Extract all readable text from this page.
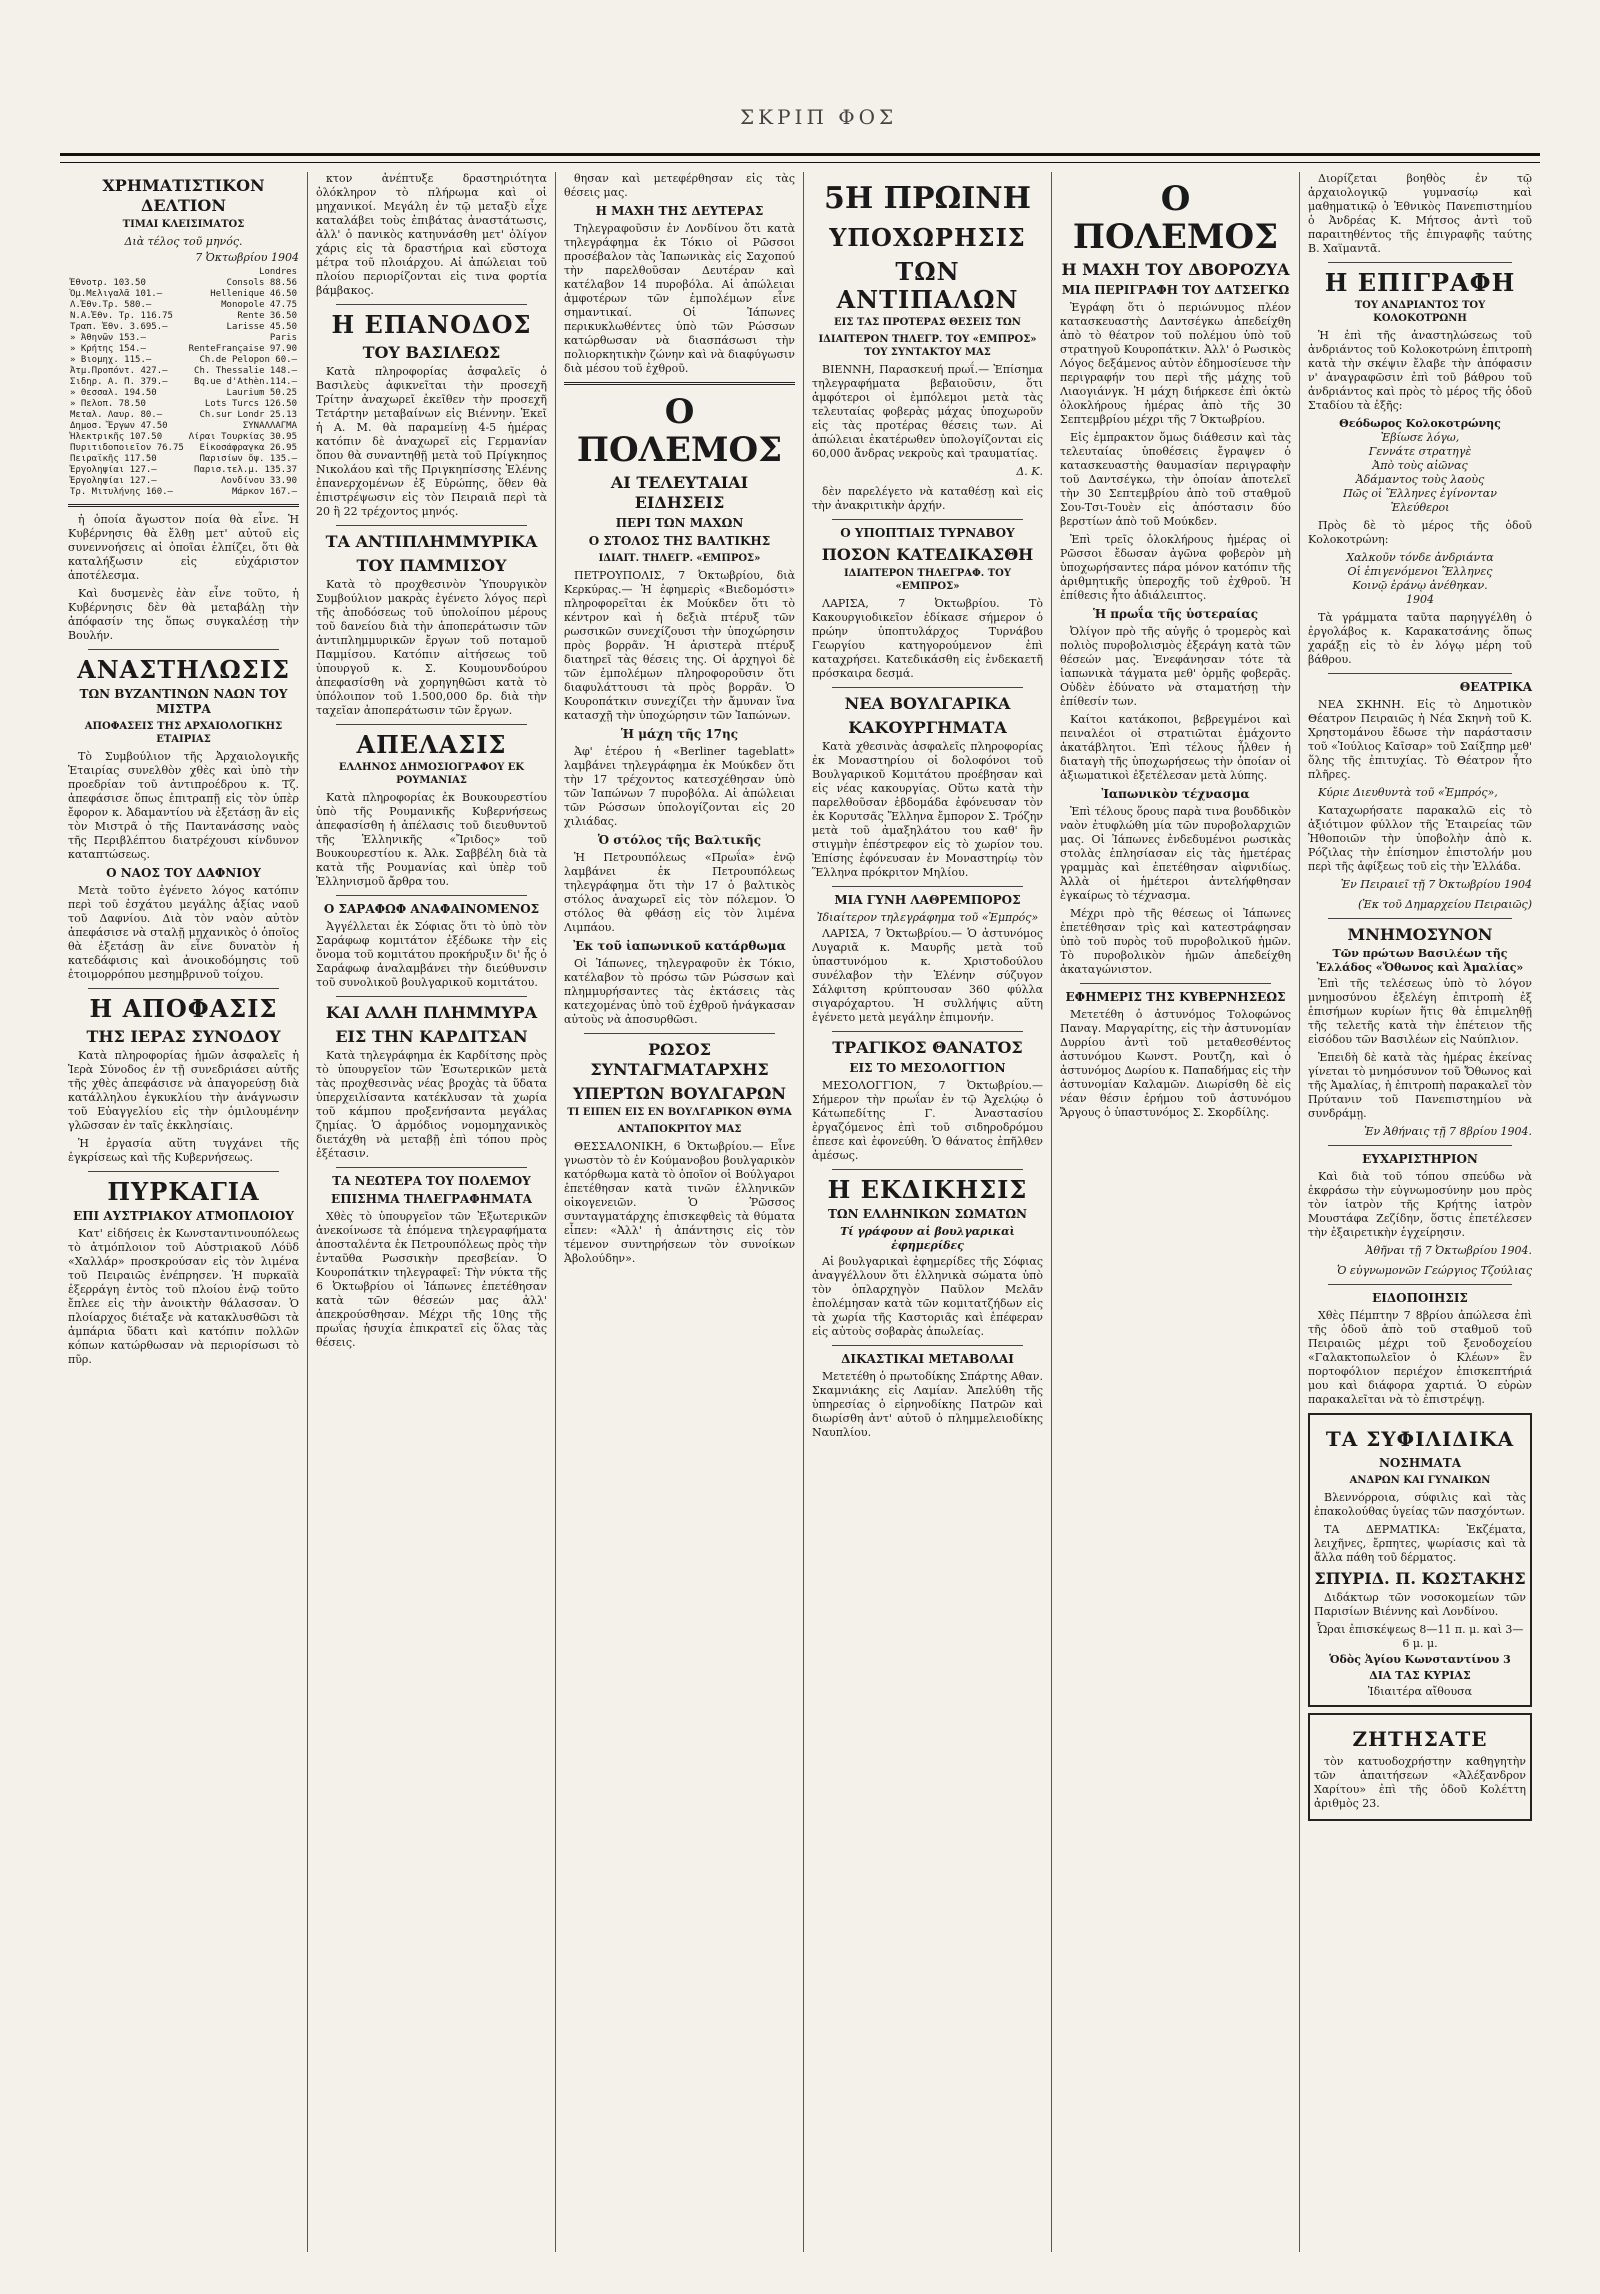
ΣΚΡΙΠ ΦΟΣ
ΧΡΗΜΑΤΙΣΤΙΚΟΝ ΔΕΛΤΙΟΝ
ΤΙΜΑΙ ΚΛΕΙΣΙΜΑΤΟΣ
Διὰ τέλος τοῦ μηνός.
7 Ὀκτωβρίου 1904
	Londres
Ἐθνοτρ. 103.50	Consols 88.56
Ὁμ.Μελιγαλᾶ 101.—	Hellenique 46.50
Λ.Ἐθν.Τρ. 580.—	Monopole 47.75
Ν.Α.Ἐθν. Τρ. 116.75	Rente 36.50
Τραπ. Ἐθν. 3.695.—	Larisse 45.50
» Ἀθηνῶν 153.—	Paris
» Κρήτης 154.—	RenteFrançaise 97.90
» Βιομηχ. 115.—	Ch.de Pelopon 60.—
Ἀτμ.Προπόντ. 427.—	Ch. Thessalie 148.—
Σιδηρ. Α. Π. 379.—	Bq.ue d'Athèn.114.—
» Θεσσαλ. 194.50	Laurium 50.25
» Πελοπ. 78.50	Lots Turcs 126.50
Μεταλ. Λαυρ. 80.—	Ch.sur Londr 25.13
Δημοσ. Ἔργων 47.50	ΣΥΝΑΛΛΑΓΜΑ
Ἠλεκτρικῆς 107.50	Λίραι Τουρκίας 30.95
Πυριτιδοποιεῖον 76.75	Εἰκοσάφραγκα 26.95
Πειραϊκῆς 117.50	Παρισίων ὄψ. 135.—
Ἐργοληψίαι 127.—	Παρισ.τελ.μ. 135.37
Ἐργοληψίαι 127.—	Λονδίνου 33.90
Τρ. Μιτυλήνης 160.—	Μάρκον 167.—

ἡ ὁποία ἄγωστον ποία θὰ εἶνε. Ἡ Κυβέρνησις θὰ ἔλθῃ μετ' αὐτοῦ εἰς συνεννοήσεις αἱ ὁποῖαι ἐλπίζει, ὅτι θὰ καταλήξωσιν εἰς εὐχάριστον ἀποτέλεσμα.

Καὶ δυσμενὲς ἐὰν εἶνε τοῦτο, ἡ Κυβέρνησις δὲν θὰ μεταβάλῃ τὴν ἀπόφασίν της ὅπως συγκαλέσῃ τὴν Βουλήν.

ΑΝΑΣΤΗΛΩΣΙΣ
ΤΩΝ ΒΥΖΑΝΤΙΝΩΝ ΝΑΩΝ ΤΟΥ ΜΙΣΤΡΑ
ΑΠΟΦΑΣΕΙΣ ΤΗΣ ΑΡΧΑΙΟΛΟΓΙΚΗΣ ΕΤΑΙΡΙΑΣ

Τὸ Συμβούλιον τῆς Ἀρχαιολογικῆς Ἑταιρίας συνελθὸν χθὲς καὶ ὑπὸ τὴν προεδρίαν τοῦ ἀντιπροέδρου κ. Τζ. ἀπεφάσισε ὅπως ἐπιτραπῇ εἰς τὸν ὑπὲρ ἔφορον κ. Ἀδαμαντίου νὰ ἐξετάσῃ ἂν εἰς τὸν Μιστρᾶ ὁ τῆς Παντανάσσης ναὸς τῆς Περιβλέπτου διατρέχουσι κίνδυνον καταπτώσεως.

Ο ΝΑΟΣ ΤΟΥ ΔΑΦΝΙΟΥ

Μετὰ τοῦτο ἐγένετο λόγος κατόπιν περὶ τοῦ ἐσχάτου μεγάλης ἀξίας ναοῦ τοῦ Δαφνίου. Διὰ τὸν ναὸν αὐτὸν ἀπεφάσισε νὰ σταλῇ μηχανικὸς ὁ ὁποῖος θὰ ἐξετάσῃ ἂν εἶνε δυνατὸν ἡ κατεδάφισις καὶ ἀνοικοδόμησις τοῦ ἐτοιμορρόπου μεσημβρινοῦ τοίχου.

Η ΑΠΟΦΑΣΙΣ
ΤΗΣ ΙΕΡΑΣ ΣΥΝΟΔΟΥ

Κατὰ πληροφορίας ἡμῶν ἀσφαλεῖς ἡ Ἱερὰ Σύνοδος ἐν τῇ συνεδριάσει αὐτῆς τῆς χθὲς ἀπεφάσισε νὰ ἀπαγορεύσῃ διὰ κατάλληλου ἐγκυκλίου τὴν ἀνάγνωσιν τοῦ Εὐαγγελίου εἰς τὴν ὁμιλουμένην γλῶσσαν ἐν ταῖς ἐκκλησίαις.

Ἡ ἐργασία αὕτη τυγχάνει τῆς ἐγκρίσεως καὶ τῆς Κυβερνήσεως.

ΠΥΡΚΑΓΙΑ
ΕΠΙ ΑΥΣΤΡΙΑΚΟΥ ΑΤΜΟΠΛΟΙΟΥ

Κατ' εἰδήσεις ἐκ Κωνσταντινουπόλεως τὸ ἀτμόπλοιον τοῦ Αὐστριακοῦ Λόϋδ «Χαλλάρ» προσκρούσαν εἰς τὸν λιμένα τοῦ Πειραιῶς ἐνέπρησεν. Ἡ πυρκαϊὰ ἐξερράγη ἐντὸς τοῦ πλοίου ἐνῷ τοῦτο ἔπλεε εἰς τὴν ἀνοικτὴν θάλασσαν. Ὁ πλοίαρχος διέταξε νὰ κατακλυσθῶσι τὰ ἀμπάρια ὕδατι καὶ κατόπιν πολλῶν κόπων κατώρθωσαν νὰ περιορίσωσι τὸ πῦρ.

κτον ἀνέπτυξε δραστηριότητα ὁλόκληρον τὸ πλήρωμα καὶ οἱ μηχανικοί. Μεγάλη ἐν τῷ μεταξὺ εἶχε καταλάβει τοὺς ἐπιβάτας ἀναστάτωσις, ἀλλ' ὁ πανικὸς κατηυνάσθη μετ' ὀλίγον χάρις εἰς τὰ δραστήρια καὶ εὔστοχα μέτρα τοῦ πλοιάρχου. Αἱ ἀπώλειαι τοῦ πλοίου περιορίζονται εἰς τινα φορτία βάμβακος.

Η ΕΠΑΝΟΔΟΣ
ΤΟΥ ΒΑΣΙΛΕΩΣ

Κατὰ πληροφορίας ἀσφαλεῖς ὁ Βασιλεὺς ἀφικνεῖται τὴν προσεχῆ Τρίτην ἀναχωρεῖ ἐκεῖθεν τὴν προσεχῆ Τετάρτην μεταβαίνων εἰς Βιέννην. Ἐκεῖ ἡ Α. Μ. θὰ παραμείνῃ 4-5 ἡμέρας κατόπιν δὲ ἀναχωρεῖ εἰς Γερμανίαν ὅπου θὰ συναντηθῇ μετὰ τοῦ Πρίγκηπος Νικολάου καὶ τῆς Πριγκηπίσσης Ἑλένης ἐπανερχομένων ἐξ Εὐρώπης, ὅθεν θὰ ἐπιστρέψωσιν εἰς τὸν Πειραιᾶ περὶ τὰ 20 ἢ 22 τρέχοντος μηνός.

ΤΑ ΑΝΤΙΠΛΗΜΜΥΡΙΚΑ
ΤΟΥ ΠΑΜΜΙΣΟΥ

Κατὰ τὸ προχθεσινὸν Ὑπουργικὸν Συμβούλιον μακρὰς ἐγένετο λόγος περὶ τῆς ἀποδόσεως τοῦ ὑπολοίπου μέρους τοῦ δανείου διὰ τὴν ἀποπεράτωσιν τῶν ἀντιπλημμυρικῶν ἔργων τοῦ ποταμοῦ Παμμίσου. Κατόπιν αἰτήσεως τοῦ ὑπουργοῦ κ. Σ. Κουμουνδούρου ἀπεφασίσθη νὰ χορηγηθῶσι κατὰ τὸ ὑπόλοιπον τοῦ 1.500,000 δρ. διὰ τὴν ταχεῖαν ἀποπεράτωσιν τῶν ἔργων.

ΑΠΕΛΑΣΙΣ
ΕΛΛΗΝΟΣ ΔΗΜΟΣΙΟΓΡΑΦΟΥ ΕΚ ΡΟΥΜΑΝΙΑΣ

Κατὰ πληροφορίας ἐκ Βουκουρεστίου ὑπὸ τῆς Ρουμανικῆς Κυβερνήσεως ἀπεφασίσθη ἡ ἀπέλασις τοῦ διευθυντοῦ τῆς Ἑλληνικῆς «Ἴριδος» τοῦ Βουκουρεστίου κ. Ἀλκ. Σαββέλη διὰ τὰ κατὰ τῆς Ρουμανίας καὶ ὑπὲρ τοῦ Ἑλληνισμοῦ ἄρθρα του.

Ο ΣΑΡΑΦΩΦ ΑΝΑΦΑΙΝΟΜΕΝΟΣ

Ἀγγέλλεται ἐκ Σόφιας ὅτι τὸ ὑπὸ τὸν Σαράφωφ κομιτάτον ἐξέδωκε τὴν εἰς ὄνομα τοῦ κομιτάτου προκήρυξιν δι' ἧς ὁ Σαράφωφ ἀναλαμβάνει τὴν διεύθυνσιν τοῦ συνολικοῦ βουλγαρικοῦ κομιτάτου.

ΚΑΙ ΑΛΛΗ ΠΛΗΜΜΥΡΑ
ΕΙΣ ΤΗΝ ΚΑΡΔΙΤΣΑΝ

Κατὰ τηλεγράφημα ἐκ Καρδίτσης πρὸς τὸ ὑπουργεῖον τῶν Ἐσωτερικῶν μετὰ τὰς προχθεσινὰς νέας βροχὰς τὰ ὕδατα ὑπερχειλίσαντα κατέκλυσαν τὰ χωρία τοῦ κάμπου προξενήσαντα μεγάλας ζημίας. Ὁ ἁρμόδιος νομομηχανικὸς διετάχθη νὰ μεταβῇ ἐπὶ τόπου πρὸς ἐξέτασιν.

ΤΑ ΝΕΩΤΕΡΑ ΤΟΥ ΠΟΛΕΜΟΥ
ΕΠΙΣΗΜΑ ΤΗΛΕΓΡΑΦΗΜΑΤΑ

Χθὲς τὸ ὑπουργεῖον τῶν Ἐξωτερικῶν ἀνεκοίνωσε τὰ ἑπόμενα τηλεγραφήματα ἀποσταλέντα ἐκ Πετρουπόλεως πρὸς τὴν ἐνταῦθα Ρωσσικὴν πρεσβείαν. Ὁ Κουροπάτκιν τηλεγραφεῖ: Τὴν νύκτα τῆς 6 Ὀκτωβρίου οἱ Ἰάπωνες ἐπετέθησαν κατὰ τῶν θέσεών μας ἀλλ' ἀπεκρούσθησαν. Μέχρι τῆς 10ης τῆς πρωΐας ἡσυχία ἐπικρατεῖ εἰς ὅλας τὰς θέσεις.

θησαν καὶ μετεφέρθησαν εἰς τὰς θέσεις μας.

Η ΜΑΧΗ ΤΗΣ ΔΕΥΤΕΡΑΣ

Τηλεγραφοῦσιν ἐν Λονδίνου ὅτι κατὰ τηλεγράφημα ἐκ Τόκιο οἱ Ρῶσσοι προσέβαλον τὰς Ἰαπωνικὰς εἰς Σαχοπού τὴν παρελθοῦσαν Δευτέραν καὶ κατέλαβον 14 πυροβόλα. Αἱ ἀπώλειαι ἀμφοτέρων τῶν ἐμπολέμων εἶνε σημαντικαί. Οἱ Ἰάπωνες περικυκλωθέντες ὑπὸ τῶν Ρώσσων κατώρθωσαν νὰ διασπάσωσι τὴν πολιορκητικὴν ζώνην καὶ νὰ διαφύγωσιν διὰ μέσου τοῦ ἐχθροῦ.

Ο ΠΟΛΕΜΟΣ
ΑΙ ΤΕΛΕΥΤΑΙΑΙ ΕΙΔΗΣΕΙΣ
ΠΕΡΙ ΤΩΝ ΜΑΧΩΝ
Ο ΣΤΟΛΟΣ ΤΗΣ ΒΑΛΤΙΚΗΣ
ΙΔΙΑΙΤ. ΤΗΛΕΓΡ. «ΕΜΠΡΟΣ»

ΠΕΤΡΟΥΠΟΛΙΣ, 7 Ὀκτωβρίου, διὰ Κερκύρας.— Ἡ ἐφημερὶς «Βιεδομόστι» πληροφορεῖται ἐκ Μούκδεν ὅτι τὸ κέντρον καὶ ἡ δεξιὰ πτέρυξ τῶν ρωσσικῶν συνεχίζουσι τὴν ὑποχώρησιν πρὸς βορρᾶν. Ἡ ἀριστερὰ πτέρυξ διατηρεῖ τὰς θέσεις της. Οἱ ἀρχηγοὶ δὲ τῶν ἐμπολέμων πληροφοροῦσιν ὅτι διαφυλάττουσι τὰ πρὸς βορρᾶν. Ὁ Κουροπάτκιν συνεχίζει τὴν ἄμυναν ἵνα κατασχῇ τὴν ὑποχώρησιν τῶν Ἰαπώνων.

Ἡ μάχη τῆς 17ης

Ἀφ' ἑτέρου ἡ «Berliner tageblatt» λαμβάνει τηλεγράφημα ἐκ Μούκδεν ὅτι τὴν 17 τρέχοντος κατεσχέθησαν ὑπὸ τῶν Ἰαπώνων 7 πυροβόλα. Αἱ ἀπώλειαι τῶν Ρώσσων ὑπολογίζονται εἰς 20 χιλιάδας.

Ὁ στόλος τῆς Βαλτικῆς

Ἡ Πετρουπόλεως «Πρωΐα» ἐνῷ λαμβάνει ἐκ Πετρουπόλεως τηλεγράφημα ὅτι τὴν 17 ὁ βαλτικὸς στόλος ἀναχωρεῖ εἰς τὸν πόλεμον. Ὁ στόλος θὰ φθάσῃ εἰς τὸν λιμένα Λιμπάου.

Ἐκ τοῦ ἰαπωνικοῦ κατάρθωμα

Οἱ Ἰάπωνες, τηλεγραφοῦν ἐκ Τόκιο, κατέλαβον τὸ πρόσω τῶν Ρώσσων καὶ πλημμυρήσαντες τὰς ἐκτάσεις τὰς κατεχομένας ὑπὸ τοῦ ἐχθροῦ ἠνάγκασαν αὐτοὺς νὰ ἀποσυρθῶσι.

ΡΩΣΟΣ ΣΥΝΤΑΓΜΑΤΑΡΧΗΣ
ΥΠΕΡΤΩΝ ΒΟΥΛΓΑΡΩΝ
ΤΙ ΕΙΠΕΝ ΕΙΣ ΕΝ ΒΟΥΛΓΑΡΙΚΟΝ ΘΥΜΑ
ΑΝΤΑΠΟΚΡΙΤΟΥ ΜΑΣ

ΘΕΣΣΑΛΟΝΙΚΗ, 6 Ὀκτωβρίου.— Εἶνε γνωστὸν τὸ ἐν Κούμανοβου βουλγαρικὸν κατόρθωμα κατὰ τὸ ὁποῖον οἱ Βούλγαροι ἐπετέθησαν κατὰ τινῶν ἑλληνικῶν οἰκογενειῶν. Ὁ Ῥῶσσος συνταγματάρχης ἐπισκεφθεὶς τὰ θύματα εἶπεν: «Ἀλλ' ἡ ἀπάντησις εἰς τὸν τέμενον συντηρήσεων τὸν συνοίκων Ἀβολούδην».

5Η ΠΡΩΙΝΗ
ΥΠΟΧΩΡΗΣΙΣ
ΤΩΝ ΑΝΤΙΠΑΛΩΝ
ΕΙΣ ΤΑΣ ΠΡΟΤΕΡΑΣ ΘΕΣΕΙΣ ΤΩΝ
ΙΔΙΑΙΤΕΡΟΝ ΤΗΛΕΓΡ. ΤΟΥ «ΕΜΠΡΟΣ» ΤΟΥ ΣΥΝΤΑΚΤΟΥ ΜΑΣ

ΒΙΕΝΝΗ, Παρασκευή πρωΐ.— Ἐπίσημα τηλεγραφήματα βεβαιοῦσιν, ὅτι ἀμφότεροι οἱ ἐμπόλεμοι μετὰ τὰς τελευταίας φοβερὰς μάχας ὑποχωροῦν εἰς τὰς προτέρας θέσεις των. Αἱ ἀπώλειαι ἐκατέρωθεν ὑπολογίζονται εἰς 60,000 ἄνδρας νεκροὺς καὶ τραυματίας.

Δ. Κ.

δὲν παρελέγετο νὰ καταθέσῃ καὶ εἰς τὴν ἀνακριτικὴν ἀρχήν.

Ο ΥΠΟΠΤΙΑΙΣ ΤΥΡΝΑΒΟΥ
ΠΟΣΟΝ ΚΑΤΕΔΙΚΑΣΘΗ
ΙΔΙΑΙΤΕΡΟΝ ΤΗΛΕΓΡΑΦ. ΤΟΥ «ΕΜΠΡΟΣ»

ΛΑΡΙΣΑ, 7 Ὀκτωβρίου. Τὸ Κακουργιοδικεῖον ἐδίκασε σήμερον ὁ πρώην ὑποπτυλάρχος Τυρνάβου Γεωργίου κατηγορούμενον ἐπὶ καταχρήσει. Κατεδικάσθη εἰς ἐνδεκαετῆ πρόσκαιρα δεσμά.

ΝΕΑ ΒΟΥΛΓΑΡΙΚΑ
ΚΑΚΟΥΡΓΗΜΑΤΑ

Κατὰ χθεσινὰς ἀσφαλεῖς πληροφορίας ἐκ Μοναστηρίου οἱ δολοφόνοι τοῦ Βουλγαρικοῦ Κομιτάτου προέβησαν καὶ εἰς νέας κακουργίας. Οὕτω κατὰ τὴν παρελθοῦσαν ἑβδομάδα ἐφόνευσαν τὸν ἐκ Κορυτσᾶς Ἕλληνα ἔμπορον Σ. Τρόζην μετὰ τοῦ ἀμαξηλάτου του καθ' ἣν στιγμὴν ἐπέστρεφον εἰς τὸ χωρίον του. Ἐπίσης ἐφόνευσαν ἐν Μοναστηρίῳ τὸν Ἕλληνα πρόκριτον Μηλίου.

ΜΙΑ ΓΥΝΗ ΛΑΘΡΕΜΠΟΡΟΣ
Ἰδιαίτερον τηλεγράφημα τοῦ «Ἐμπρός»

ΛΑΡΙΣΑ, 7 Ὀκτωβρίου.— Ὁ ἀστυνόμος Λυγαριᾶ κ. Μαυρῆς μετὰ τοῦ ὑπαστυνόμου κ. Χριστοδούλου συνέλαβον τὴν Ἑλένην σύζυγον Σάλφιτση κρύπτουσαν 360 φύλλα σιγαρόχαρτου. Ἡ συλλήψις αὕτη ἐγένετο μετὰ μεγάλην ἐπιμονήν.

ΤΡΑΓΙΚΟΣ ΘΑΝΑΤΟΣ
ΕΙΣ ΤΟ ΜΕΣΟΛΟΓΓΙΟΝ

ΜΕΣΟΛΟΓΓΙΟΝ, 7 Ὀκτωβρίου.— Σήμερον τὴν πρωΐαν ἐν τῷ Ἀχελῴῳ ὁ Κάτωπεδίτης Γ. Ἀναστασίου ἐργαζόμενος ἐπὶ τοῦ σιδηροδρόμου ἐπεσε καὶ ἐφονεύθη. Ὁ θάνατος ἐπῆλθεν ἀμέσως.

Η ΕΚΔΙΚΗΣΙΣ
ΤΩΝ ΕΛΛΗΝΙΚΩΝ ΣΩΜΑΤΩΝ
Τί γράφουν αἱ βουλγαρικαὶ ἐφημερίδες

Αἱ βουλγαρικαὶ ἐφημερίδες τῆς Σόφιας ἀναγγέλλουν ὅτι ἑλληνικὰ σώματα ὑπὸ τὸν ὁπλαρχηγὸν Παῦλον Μελᾶν ἐπολέμησαν κατὰ τῶν κομιτατζήδων εἰς τὰ χωρία τῆς Καστοριᾶς καὶ ἐπέφεραν εἰς αὐτοὺς σοβαρὰς ἀπωλείας.

ΔΙΚΑΣΤΙΚΑΙ ΜΕΤΑΒΟΛΑΙ

Μετετέθη ὁ πρωτοδίκης Σπάρτης Αθαν. Σκαμνιάκης εἰς Λαμίαν. Ἀπελύθη τῆς ὑπηρεσίας ὁ εἰρηνοδίκης Πατρῶν καὶ διωρίσθη ἀντ' αὐτοῦ ὁ πλημμελειοδίκης Ναυπλίου.

Ο ΠΟΛΕΜΟΣ
Η ΜΑΧΗ ΤΟΥ ΔΒΟΡΟΖΥΑ
ΜΙΑ ΠΕΡΙΓΡΑΦΗ ΤΟΥ ΔΑΤΣΕΓΚΩ

Ἐγράφη ὅτι ὁ περιώνυμος πλέον κατασκευαστὴς Δαντσέγκω ἀπεδείχθη ἀπὸ τὸ θέατρον τοῦ πολέμου ὑπὸ τοῦ στρατηγοῦ Κουροπάτκιν. Ἀλλ' ὁ Ρωσικὸς Λόγος δεξάμενος αὐτὸν ἐδημοσίευσε τὴν περιγραφήν του περὶ τῆς μάχης τοῦ Λιαογιάνγκ. Ἡ μάχη διήρκεσε ἐπὶ ὀκτὼ ὁλοκλήρους ἡμέρας ἀπὸ τῆς 30 Σεπτεμβρίου μέχρι τῆς 7 Ὀκτωβρίου.

Εἰς ἐμπρακτον ὅμως διάθεσιν καὶ τὰς τελευταίας ὑποθέσεις ἔγραψεν ὁ κατασκευαστὴς θαυμασίαν περιγραφὴν τοῦ Δαντσέγκω, τὴν ὁποίαν ἀποτελεῖ τὴν 30 Σεπτεμβρίου ἀπὸ τοῦ σταθμοῦ Σου-Τσι-Τουὲν εἰς ἀπόστασιν δύο βερστίων ἀπὸ τοῦ Μούκδεν.

Ἐπὶ τρεῖς ὁλοκλήρους ἡμέρας οἱ Ρῶσσοι ἔδωσαν ἀγῶνα φοβερὸν μὴ ὑποχωρήσαντες πάρα μόνον κατόπιν τῆς ἀριθμητικῆς ὑπεροχῆς τοῦ ἐχθροῦ. Ἡ ἐπίθεσις ἦτο ἀδιάλειπτος.

Ἡ πρωΐα τῆς ὑστεραίας

Ὀλίγον πρὸ τῆς αὐγῆς ὁ τρομερὸς καὶ πολιὸς πυροβολισμὸς ἐξεράγη κατὰ τῶν θέσεών μας. Ἐνεφάνησαν τότε τὰ ἰαπωνικὰ τάγματα μεθ' ὁρμῆς φοβερᾶς. Οὐδὲν ἐδύνατο νὰ σταματήσῃ τὴν ἐπίθεσίν των.

Καίτοι κατάκοποι, βεβρεγμένοι καὶ πειναλέοι οἱ στρατιῶται ἐμάχοντο ἀκατάβλητοι. Ἐπὶ τέλους ἦλθεν ἡ διαταγὴ τῆς ὑποχωρήσεως τὴν ὁποίαν οἱ ἀξιωματικοὶ ἐξετέλεσαν μετὰ λύπης.

Ἰαπωνικὸν τέχνασμα

Ἐπὶ τέλους ὅρους παρὰ τινα βουδδικὸν ναὸν ἐτυφλώθη μία τῶν πυροβολαρχιῶν μας. Οἱ Ἰάπωνες ἐνδεδυμένοι ρωσικὰς στολὰς ἐπλησίασαν εἰς τὰς ἡμετέρας γραμμὰς καὶ ἐπετέθησαν αἰφνιδίως. Ἀλλὰ οἱ ἡμέτεροι ἀντελήφθησαν ἐγκαίρως τὸ τέχνασμα.

Μέχρι πρὸ τῆς θέσεως οἱ Ἰάπωνες ἐπετέθησαν τρὶς καὶ κατεστράφησαν ὑπὸ τοῦ πυρὸς τοῦ πυροβολικοῦ ἡμῶν. Τὸ πυροβολικὸν ἡμῶν ἀπεδείχθη ἀκαταγώνιστον.

ΕΦΗΜΕΡΙΣ ΤΗΣ ΚΥΒΕΡΝΗΣΕΩΣ

Μετετέθη ὁ ἀστυνόμος Τολοφώνος Παναγ. Μαργαρίτης, εἰς τὴν ἀστυνομίαν Δυρρίου ἀντὶ τοῦ μεταθεσθέντος ἀστυνόμου Κωνστ. Ρουτζη, καὶ ὁ ἀστυνόμος Δωρίου κ. Παπαδήμας εἰς τὴν ἀστυνομίαν Καλαμῶν. Διωρίσθη δὲ εἰς νέαν θέσιν ἐρήμου τοῦ ἀστυνόμου Ἄργους ὁ ὑπαστυνόμος Σ. Σκορδίλης.

Διορίζεται βοηθὸς ἐν τῷ ἀρχαιολογικῷ γυμνασίῳ καὶ μαθηματικῷ ὁ Ἐθνικὸς Πανεπιστημίου ὁ Ἀνδρέας Κ. Μήτσος ἀντὶ τοῦ παραιτηθέντος τῆς ἐπιγραφῆς ταύτης Β. Χαϊμαντᾶ.

Η ΕΠΙΓΡΑΦΗ
ΤΟΥ ΑΝΔΡΙΑΝΤΟΣ ΤΟΥ ΚΟΛΟΚΟΤΡΩΝΗ

Ἡ ἐπὶ τῆς ἀναστηλώσεως τοῦ ἀνδριάντος τοῦ Κολοκοτρώνη ἐπιτροπὴ κατὰ τὴν σκέψιν ἔλαβε τὴν ἀπόφασιν ν' ἀναγραφῶσιν ἐπὶ τοῦ βάθρου τοῦ ἀνδριάντος καὶ πρὸς τὸ μέρος τῆς ὁδοῦ Σταδίου τὰ ἑξῆς:

Θεόδωρος Κολοκοτρώνης
Ἐβίωσε λόγω,
Γεννάτε στρατηγὲ
Ἀπὸ τοὺς αἰῶνας
Ἀδάμαντος τοὺς λαοὺς
Πῶς οἱ Ἕλληνες ἐγίνονταν
Ἐλεύθεροι

Πρὸς δὲ τὸ μέρος τῆς ὁδοῦ Κολοκοτρώνη:

Χαλκοῦν τόνδε ἀνδριάντα
Οἱ ἐπιγενόμενοι Ἕλληνες
Κοινῷ ἐράνῳ ἀνέθηκαν.
1904

Τὰ γράμματα ταῦτα παρηγγέλθη ὁ ἐργολάβος κ. Καρακατσάνης ὅπως χαράξῃ εἰς τὸ ἐν λόγῳ μέρη τοῦ βάθρου.

ΘΕΑΤΡΙΚΑ

ΝΕΑ ΣΚΗΝΗ. Εἰς τὸ Δημοτικὸν Θέατρον Πειραιῶς ἡ Νέα Σκηνὴ τοῦ Κ. Χρηστομάνου ἔδωσε τὴν παράστασιν τοῦ «Ἰούλιος Καῖσαρ» τοῦ Σαίξπηρ μεθ' ὅλης τῆς ἐπιτυχίας. Τὸ Θέατρον ἦτο πλῆρες.

Κύριε Διευθυντὰ τοῦ «Ἐμπρός»,

Καταχωρήσατε παρακαλῶ εἰς τὸ ἀξιότιμον φύλλον τῆς Ἑταιρείας τῶν Ἠθοποιῶν τὴν ὑποβολὴν ἀπὸ κ. Ρόζιλας τὴν ἐπίσημον ἐπιστολήν μου περὶ τῆς ἀφίξεως τοῦ εἰς τὴν Ἑλλάδα.

Ἐν Πειραιεῖ τῇ 7 Ὀκτωβρίου 1904
(Ἐκ τοῦ Δημαρχείου Πειραιῶς)
ΜΝΗΜΟΣΥΝΟΝ
Τῶν πρώτων Βασιλέων τῆς Ἑλλάδος «Ὄθωνος καὶ Ἀμαλίας»

Ἐπὶ τῆς τελέσεως ὑπὸ τὸ λόγον μνημοσύνου ἐξελέγη ἐπιτροπὴ ἐξ ἐπισήμων κυρίων ἥτις θὰ ἐπιμεληθῇ τῆς τελετῆς κατὰ τὴν ἐπέτειον τῆς εἰσόδου τῶν Βασιλέων εἰς Ναύπλιον.

Ἐπειδὴ δὲ κατὰ τὰς ἡμέρας ἐκείνας γίνεται τὸ μνημόσυνον τοῦ Ὄθωνος καὶ τῆς Ἀμαλίας, ἡ ἐπιτροπὴ παρακαλεῖ τὸν Πρύτανιν τοῦ Πανεπιστημίου νὰ συνδράμῃ.

Ἐν Ἀθήναις τῇ 7 8βρίου 1904.
ΕΥΧΑΡΙΣΤΗΡΙΟΝ

Καὶ διὰ τοῦ τόπου σπεύδω νὰ ἐκφράσω τὴν εὐγνωμοσύνην μου πρὸς τὸν ἰατρὸν τῆς Κρήτης ἰατρὸν Μουστάφα Ζεζίδην, ὅστις ἐπετέλεσεν τὴν ἐξαιρετικὴν ἐγχείρησιν.

Ἀθῆναι τῇ 7 Ὀκτωβρίου 1904.
Ὁ εὐγνωμονῶν Γεώργιος Τζούλιας
ΕΙΔΟΠΟΙΗΣΙΣ

Χθὲς Πέμπτην 7 8βρίου ἀπώλεσα ἐπὶ τῆς ὁδοῦ ἀπὸ τοῦ σταθμοῦ τοῦ Πειραιῶς μέχρι τοῦ ξενοδοχείου «Γαλακτοπωλεῖον ὁ Κλέων» ἓν πορτοφόλιον περιέχον ἐπισκεπτήριά μου καὶ διάφορα χαρτιά. Ὁ εὑρὼν παρακαλεῖται νὰ τὸ ἐπιστρέψῃ.

ΤΑ ΣΥΦΙΛΙΔΙΚΑ
ΝΟΣΗΜΑΤΑ
ΑΝΔΡΩΝ ΚΑΙ ΓΥΝΑΙΚΩΝ

Βλεννόρροια, σύφιλις καὶ τὰς ἐπακολούθας ὑγείας τῶν πασχόντων.

ΤΑ ΔΕΡΜΑΤΙΚΑ: Ἐκζέματα, λειχῆνες, ἔρπητες, ψωρίασις καὶ τὰ ἄλλα πάθη τοῦ δέρματος.

ΣΠΥΡΙΔ. Π. ΚΩΣΤΑΚΗΣ

Διδάκτωρ τῶν νοσοκομείων τῶν Παρισίων Βιέννης καὶ Λονδίνου.

Ὧραι ἐπισκέψεως 8—11 π. μ. καὶ 3—6 μ. μ.
Ὁδὸς Ἀγίου Κωνσταντίνου 3
ΔΙΑ ΤΑΣ ΚΥΡΙΑΣ
Ἰδιαιτέρα αἴθουσα
ΖΗΤΗΣΑΤΕ

τὸν κατυοδοχρήστην καθηγητὴν τῶν ἀπαιτήσεων «Ἀλέξανδρον Χαρίτου» ἐπὶ τῆς ὁδοῦ Κολέττη ἀριθμὸς 23.
